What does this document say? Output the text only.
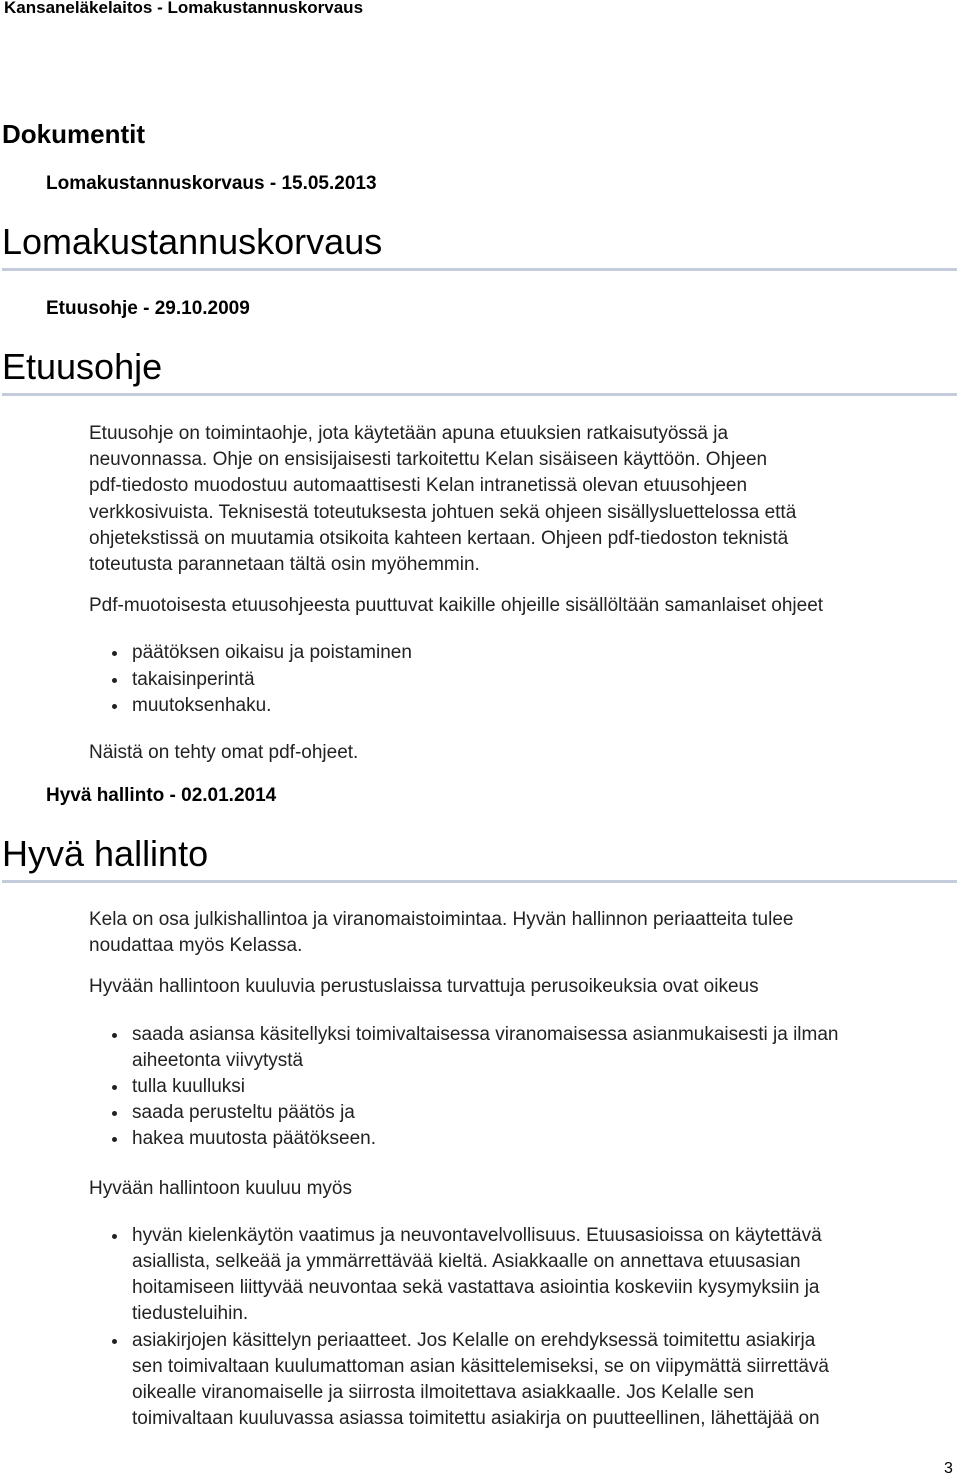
Kansaneläkelaitos - Lomakustannuskorvaus
Dokumentit
Lomakustannuskorvaus - 15.05.2013
Lomakustannuskorvaus
Etuusohje - 29.10.2009
Etuusohje

Etuusohje on toimintaohje, jota käytetään apuna etuuksien ratkaisutyössä ja
neuvonnassa. Ohje on ensisijaisesti tarkoitettu Kelan sisäiseen käyttöön. Ohjeen
pdf-tiedosto muodostuu automaattisesti Kelan intranetissä olevan etuusohjeen
verkkosivuista. Teknisestä toteutuksesta johtuen sekä ohjeen sisällysluettelossa että
ohjetekstissä on muutamia otsikoita kahteen kertaan. Ohjeen pdf-tiedoston teknistä
toteutusta parannetaan tältä osin myöhemmin.

Pdf-muotoisesta etuusohjeesta puuttuvat kaikille ohjeille sisällöltään samanlaiset ohjeet

päätöksen oikaisu ja poistaminen
takaisinperintä
muutoksenhaku.

Näistä on tehty omat pdf-ohjeet.

Hyvä hallinto - 02.01.2014
Hyvä hallinto

Kela on osa julkishallintoa ja viranomaistoimintaa. Hyvän hallinnon periaatteita tulee
noudattaa myös Kelassa.

Hyvään hallintoon kuuluvia perustuslaissa turvattuja perusoikeuksia ovat oikeus

saada asiansa käsitellyksi toimivaltaisessa viranomaisessa asianmukaisesti ja ilman
aiheetonta viivytystä
tulla kuulluksi
saada perusteltu päätös ja
hakea muutosta päätökseen.

Hyvään hallintoon kuuluu myös

hyvän kielenkäytön vaatimus ja neuvontavelvollisuus. Etuusasioissa on käytettävä
asiallista, selkeää ja ymmärrettävää kieltä. Asiakkaalle on annettava etuusasian
hoitamiseen liittyvää neuvontaa sekä vastattava asiointia koskeviin kysymyksiin ja
tiedusteluihin.
asiakirjojen käsittelyn periaatteet. Jos Kelalle on erehdyksessä toimitettu asiakirja
sen toimivaltaan kuulumattoman asian käsittelemiseksi, se on viipymättä siirrettävä
oikealle viranomaiselle ja siirrosta ilmoitettava asiakkaalle. Jos Kelalle sen
toimivaltaan kuuluvassa asiassa toimitettu asiakirja on puutteellinen, lähettäjää on
3
